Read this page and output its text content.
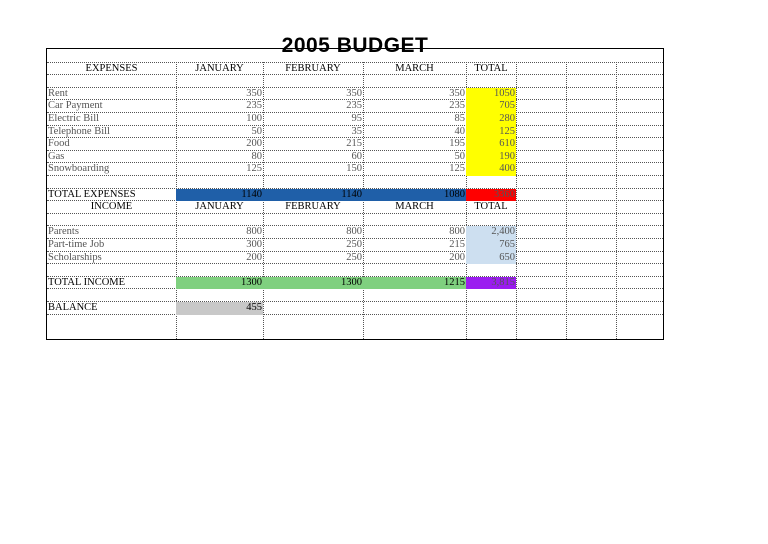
2005 BUDGET
EXPENSES	JANUARY	FEBRUARY	MARCH	TOTAL
Rent	350	350	350	1050
Car Payment	235	235	235	705
Electric Bill	100	95	85	280
Telephone Bill	50	35	40	125
Food	200	215	195	610
Gas	80	60	50	190
Snowboarding	125	150	125	400
TOTAL EXPENSES	1140	1140	1080	3360
INCOME	JANUARY	FEBRUARY	MARCH	TOTAL
Parents	800	800	800	2,400
Part-time Job	300	250	215	765
Scholarships	200	250	200	650
TOTAL INCOME	1300	1300	1215	3,815
BALANCE	455
